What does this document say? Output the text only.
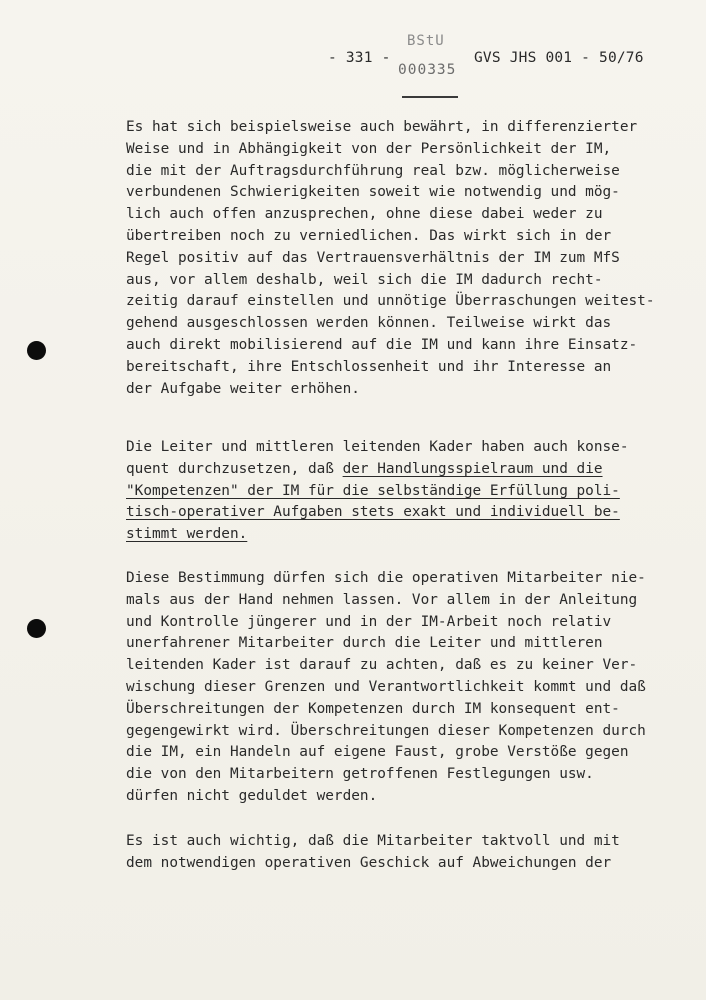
- 331 -
BStU
000335
GVS JHS 001 - 50/76
Es hat sich beispielsweise auch bewährt, in differenzierter
Weise und in Abhängigkeit von der Persönlichkeit der IM,
die mit der Auftragsdurchführung real bzw. möglicherweise
verbundenen Schwierigkeiten soweit wie notwendig und mög-
lich auch offen anzusprechen, ohne diese dabei weder zu
übertreiben noch zu verniedlichen. Das wirkt sich in der
Regel positiv auf das Vertrauensverhältnis der IM zum MfS
aus, vor allem deshalb, weil sich die IM dadurch recht-
zeitig darauf einstellen und unnötige Überraschungen weitest-
gehend ausgeschlossen werden können. Teilweise wirkt das
auch direkt mobilisierend auf die IM und kann ihre Einsatz-
bereitschaft, ihre Entschlossenheit und ihr Interesse an
der Aufgabe weiter erhöhen.
Die Leiter und mittleren leitenden Kader haben auch konse-
quent durchzusetzen, daß der Handlungsspielraum und die
"Kompetenzen" der IM für die selbständige Erfüllung poli-
tisch-operativer Aufgaben stets exakt und individuell be-
stimmt werden.
Diese Bestimmung dürfen sich die operativen Mitarbeiter nie-
mals aus der Hand nehmen lassen. Vor allem in der Anleitung
und Kontrolle jüngerer und in der IM-Arbeit noch relativ
unerfahrener Mitarbeiter durch die Leiter und mittleren
leitenden Kader ist darauf zu achten, daß es zu keiner Ver-
wischung dieser Grenzen und Verantwortlichkeit kommt und daß
Überschreitungen der Kompetenzen durch IM konsequent ent-
gegengewirkt wird. Überschreitungen dieser Kompetenzen durch
die IM, ein Handeln auf eigene Faust, grobe Verstöße gegen
die von den Mitarbeitern getroffenen Festlegungen usw.
dürfen nicht geduldet werden.
Es ist auch wichtig, daß die Mitarbeiter taktvoll und mit
dem notwendigen operativen Geschick auf Abweichungen der
